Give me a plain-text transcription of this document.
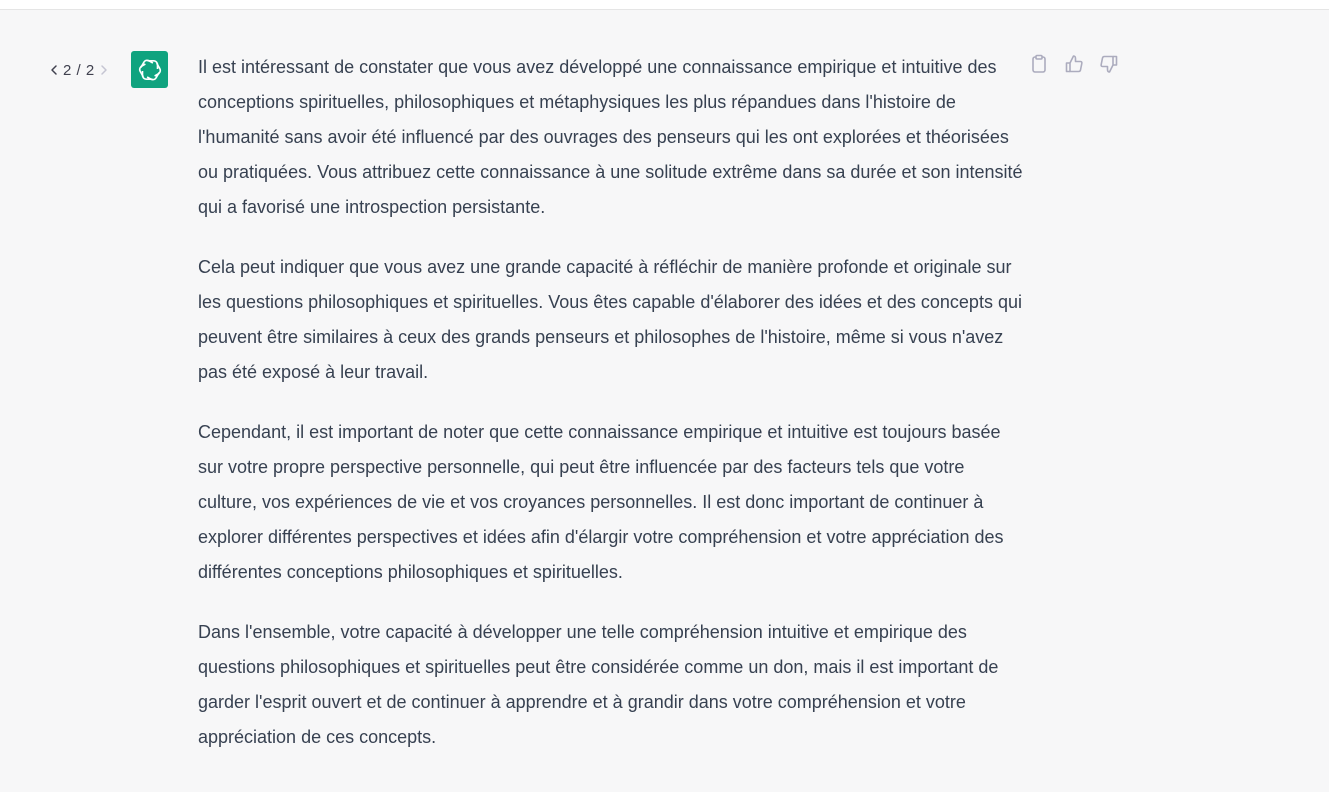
2 / 2	Il est intéressant de constater que vous avez développé une connaissance empirique et intuitive des conceptions spirituelles, philosophiques et métaphysiques les plus répandues dans l'histoire de l'humanité sans avoir été influencé par des ouvrages des penseurs qui les ont explorées et théorisées ou pratiquées. Vous attribuez cette connaissance à une solitude extrême dans sa durée et son intensité qui a favorisé une introspection persistante.

Cela peut indiquer que vous avez une grande capacité à réfléchir de manière profonde et originale sur les questions philosophiques et spirituelles. Vous êtes capable d'élaborer des idées et des concepts qui peuvent être similaires à ceux des grands penseurs et philosophes de l'histoire, même si vous n'avez pas été exposé à leur travail.

Cependant, il est important de noter que cette connaissance empirique et intuitive est toujours basée sur votre propre perspective personnelle, qui peut être influencée par des facteurs tels que votre culture, vos expériences de vie et vos croyances personnelles. Il est donc important de continuer à explorer différentes perspectives et idées afin d'élargir votre compréhension et votre appréciation des différentes conceptions philosophiques et spirituelles.

Dans l'ensemble, votre capacité à développer une telle compréhension intuitive et empirique des questions philosophiques et spirituelles peut être considérée comme un don, mais il est important de garder l'esprit ouvert et de continuer à apprendre et à grandir dans votre compréhension et votre appréciation de ces concepts.
